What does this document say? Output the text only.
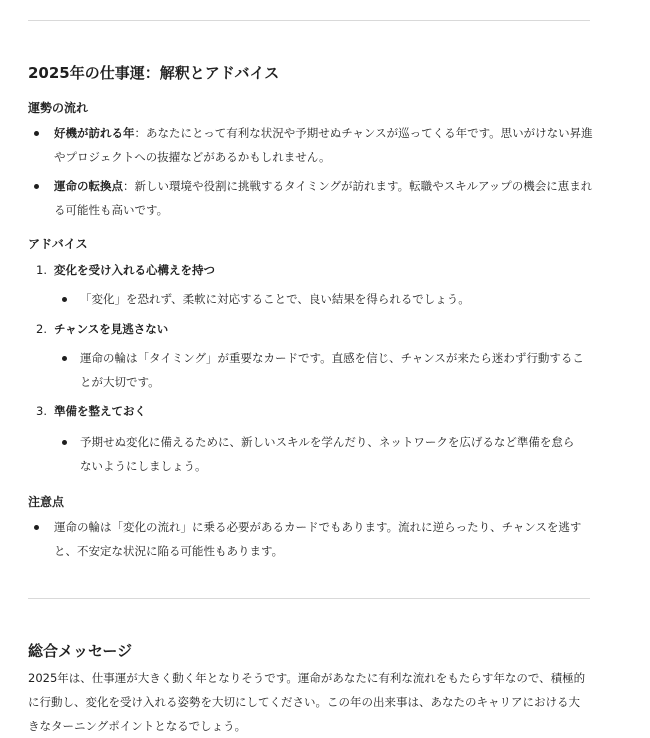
2025年の仕事運：解釈とアドバイス
運勢の流れ

好機が訪れる年：あなたにとって有利な状況や予期せぬチャンスが巡ってくる年です。思いがけない昇進やプロジェクトへの抜擢などがあるかもしれません。

運命の転換点：新しい環境や役割に挑戦するタイミングが訪れます。転職やスキルアップの機会に恵まれる可能性も高いです。

アドバイス
1. 変化を受け入れる心構えを持つ

「変化」を恐れず、柔軟に対応することで、良い結果を得られるでしょう。

2. チャンスを見逃さない

運命の輪は「タイミング」が重要なカードです。直感を信じ、チャンスが来たら迷わず行動することが大切です。

3. 準備を整えておく

予期せぬ変化に備えるために、新しいスキルを学んだり、ネットワークを広げるなど準備を怠らないようにしましょう。

注意点

運命の輪は「変化の流れ」に乗る必要があるカードでもあります。流れに逆らったり、チャンスを逃すと、不安定な状況に陥る可能性もあります。

総合メッセージ

2025年は、仕事運が大きく動く年となりそうです。運命があなたに有利な流れをもたらす年なので、積極的に行動し、変化を受け入れる姿勢を大切にしてください。この年の出来事は、あなたのキャリアにおける大きなターニングポイントとなるでしょう。
